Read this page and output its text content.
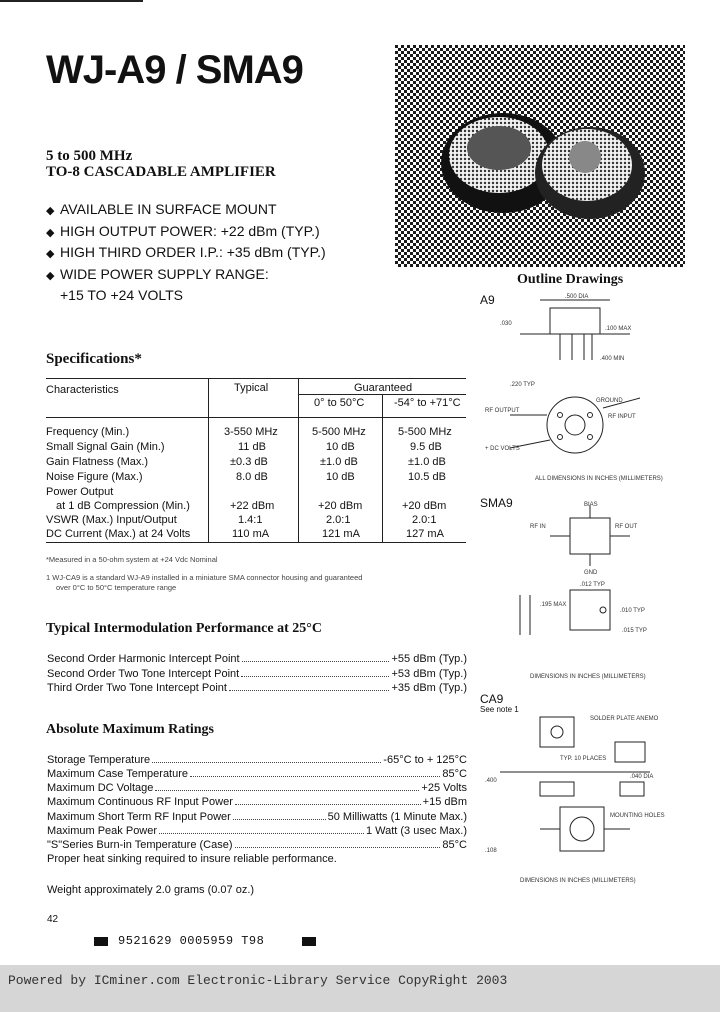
WJ-A9 / SMA9
5 to 500 MHz
TO-8 CASCADABLE AMPLIFIER
◆ AVAILABLE IN SURFACE MOUNT
◆ HIGH OUTPUT POWER: +22 dBm (TYP.)
◆ HIGH THIRD ORDER I.P.: +35 dBm (TYP.)
◆ WIDE POWER SUPPLY RANGE:
+15 TO +24 VOLTS
Outline Drawings
A9
SMA9
CA9
See note 1
.500 DIA
.100 MAX
.030
.400 MIN
.220 TYP
GROUND
RF OUTPUT
RF INPUT
+ DC VOLTS
ALL DIMENSIONS IN INCHES (MILLIMETERS)
BIAS
RF IN	RF OUT
GND
.012 TYP
.195 MAX
.010 TYP
.015 TYP
DIMENSIONS IN INCHES (MILLIMETERS)
SOLDER PLATE ANEMO
TYP. 10 PLACES
.400
.040 DIA
MOUNTING HOLES
.108
DIMENSIONS IN INCHES (MILLIMETERS)
Specifications*
Characteristics	Typical	Guaranteed
0° to 50°C	-54° to +71°C
Frequency (Min.)	3-550 MHz	5-500 MHz	5-500 MHz
Small Signal Gain (Min.)	11 dB	10 dB	9.5 dB
Gain Flatness (Max.)	±0.3 dB	±1.0 dB	±1.0 dB
Noise Figure (Max.)	8.0 dB	10 dB	10.5 dB
Power Output
at 1 dB Compression (Min.)	+22 dBm	+20 dBm	+20 dBm
VSWR (Max.) Input/Output	1.4:1	2.0:1	2.0:1
DC Current (Max.) at 24 Volts	110 mA	121 mA	127 mA
*Measured in a 50-ohm system at +24 Vdc Nominal
1 WJ-CA9 is a standard WJ-A9 installed in a miniature SMA connector housing and guaranteed
over 0°C to 50°C temperature range
Typical Intermodulation Performance at 25°C
Second Order Harmonic Intercept Point	+55 dBm (Typ.)
Second Order Two Tone Intercept Point	+53 dBm (Typ.)
Third Order Two Tone Intercept Point	+35 dBm (Typ.)
Absolute Maximum Ratings
Storage Temperature	-65°C to + 125°C
Maximum Case Temperature	85°C
Maximum DC Voltage	+25 Volts
Maximum Continuous RF Input Power	+15 dBm
Maximum Short Term RF Input Power	50 Milliwatts (1 Minute Max.)
Maximum Peak Power	1 Watt (3 usec Max.)
"S"Series Burn-in Temperature (Case)	85°C
Proper heat sinking required to insure reliable performance.
Weight approximately 2.0 grams (0.07 oz.)
42
9521629 0005959 T98
Powered by ICminer.com Electronic-Library Service CopyRight 2003
